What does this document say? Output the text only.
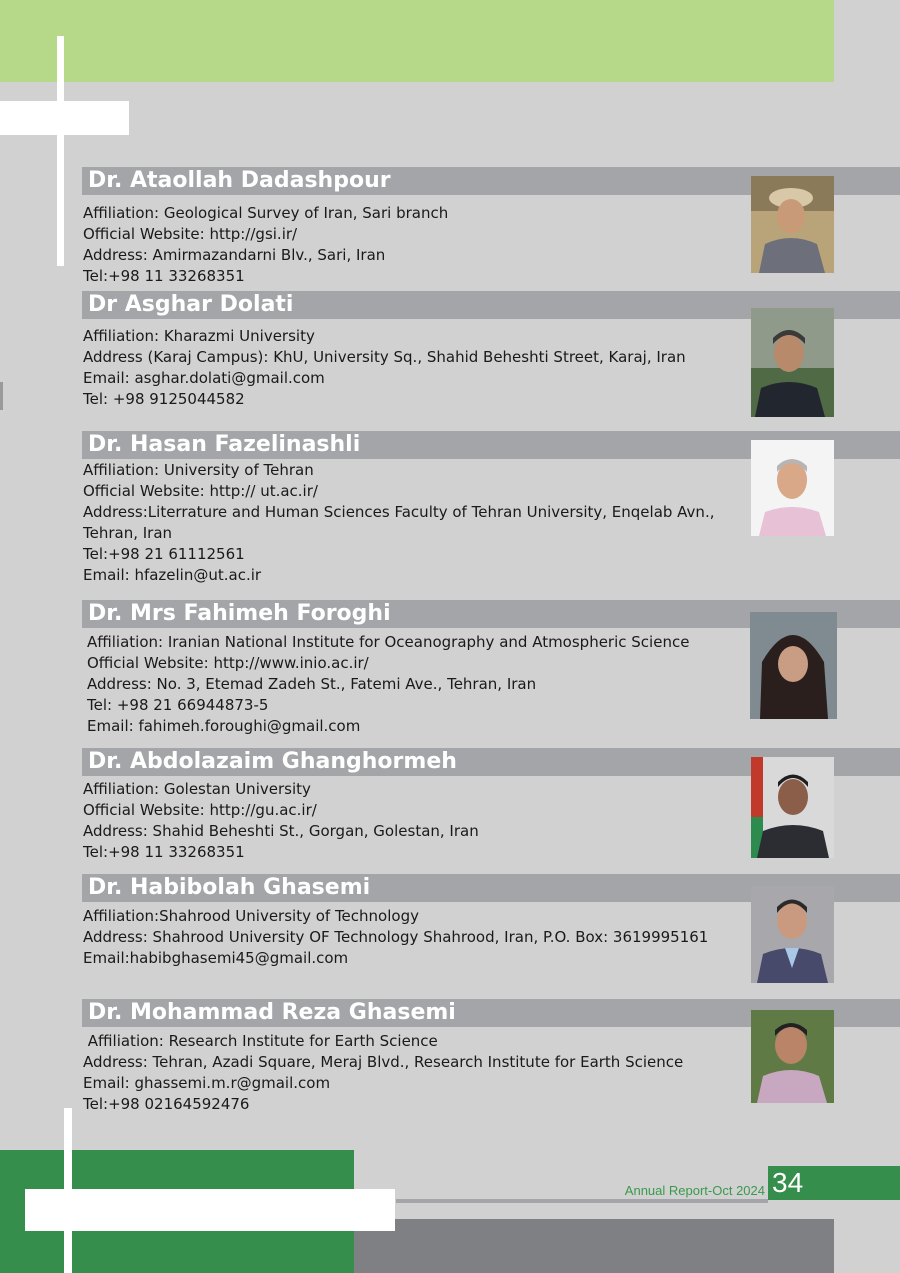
Dr. Ataollah Dadashpour
Affiliation: Geological Survey of Iran, Sari branch
Official Website: http://gsi.ir/
Address: Amirmazandarni Blv., Sari, Iran
Tel:+98 11 33268351
Dr Asghar Dolati
Affiliation: Kharazmi University
Address (Karaj Campus): KhU, University Sq., Shahid Beheshti Street, Karaj, Iran
Email: asghar.dolati@gmail.com
Tel: +98 9125044582
Dr. Hasan Fazelinashli
Affiliation: University of Tehran
Official Website: http:// ut.ac.ir/
Address:Literrature and Human Sciences Faculty of Tehran University, Enqelab Avn., Tehran, Iran
Tel:+98 21 61112561
Email: hfazelin@ut.ac.ir
Dr. Mrs Fahimeh Foroghi
Affiliation: Iranian National Institute for Oceanography and Atmospheric Science
Official Website: http://www.inio.ac.ir/
Address: No. 3, Etemad Zadeh St., Fatemi Ave., Tehran, Iran
Tel: +98 21 66944873-5
Email: fahimeh.foroughi@gmail.com
Dr. Abdolazaim Ghanghormeh
Affiliation: Golestan University
Official Website: http://gu.ac.ir/
Address: Shahid Beheshti St., Gorgan, Golestan, Iran
Tel:+98 11 33268351
Dr. Habibolah Ghasemi
Affiliation:Shahrood University of Technology
Address: Shahrood University OF Technology Shahrood, Iran, P.O. Box: 3619995161
Email:habibghasemi45@gmail.com
Dr. Mohammad Reza Ghasemi
Affiliation: Research Institute for Earth Science
Address: Tehran, Azadi Square, Meraj Blvd., Research Institute for Earth Science
Email: ghassemi.m.r@gmail.com
Tel:+98 02164592476
Annual Report-Oct 2024 34
